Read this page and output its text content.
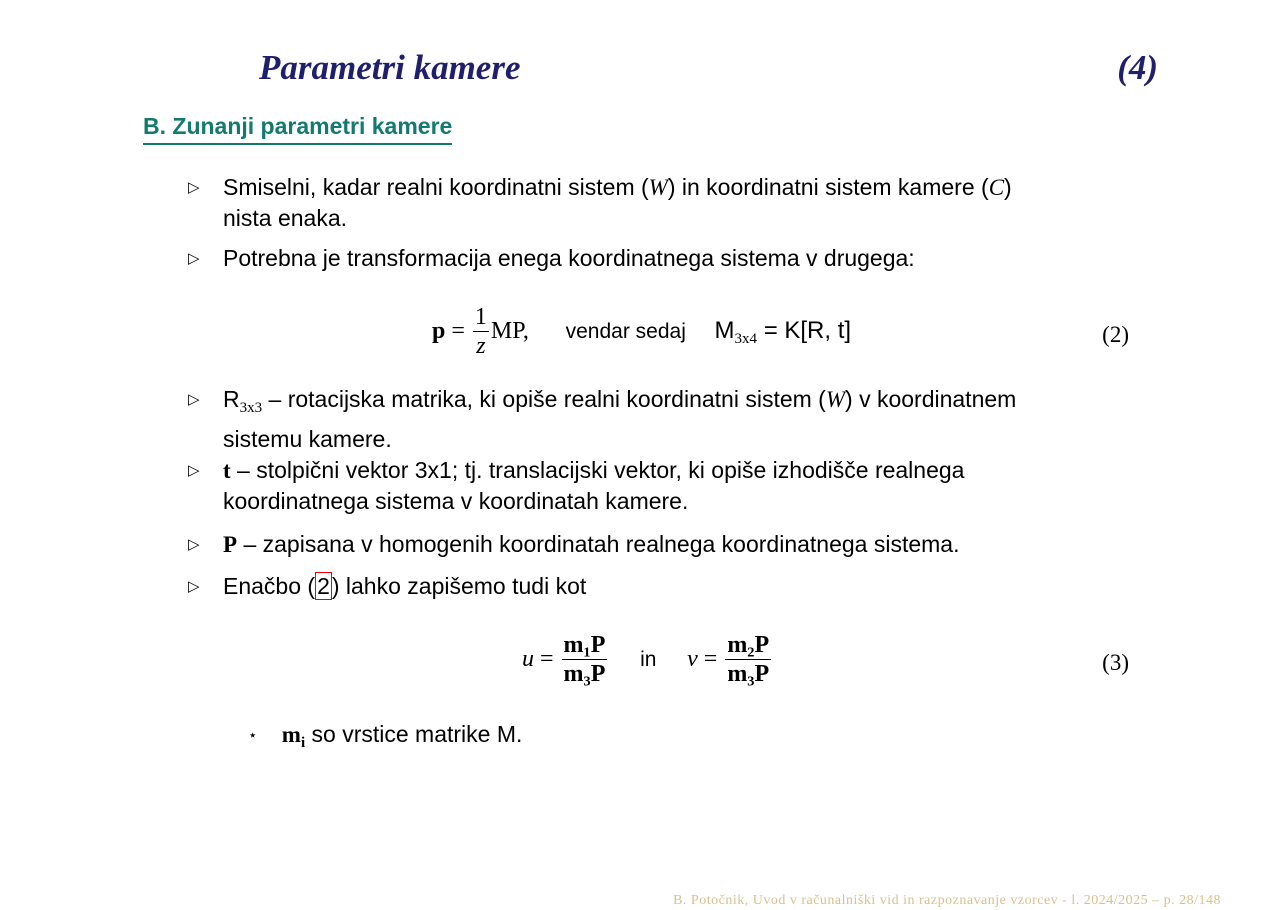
Parametri kamere	(4)
B. Zunanji parametri kamere
▷ Smiselni, kadar realni koordinatni sistem (W) in koordinatni sistem kamere (C)
nista enaka.
▷ Potrebna je transformacija enega koordinatnega sistema v drugega:
$p = \frac{1}{z}$ MP, vendar sedaj $M_{3x4} = K[R$, t]	(2)
▷ $R_{3x3}$ – rotacijska matrika, ki opiše realni koordinatni sistem (W) v koordinatnem
sistemu kamere.
▷ t – stolpični vektor 3x1; tj. translacijski vektor, ki opiše izhodišče realnega
koordinatnega sistema v koordinatah kamere.
▷ P – zapisana v homogenih koordinatah realnega koordinatnega sistema.
▷ Enačbo (2) lahko zapišemo tudi kot
$u = \frac{\text{m₁P}}{\text{m₃P}}$ in $v = \frac{\text{m₂P}}{\text{m₃P}}$	(3)
⋆ $m_i$ so vrstice matrike M.
B. Potočnik, Uvod v računalniški vid in razpoznavanje vzorcev - l. 2024/2025 – p. 28/148
